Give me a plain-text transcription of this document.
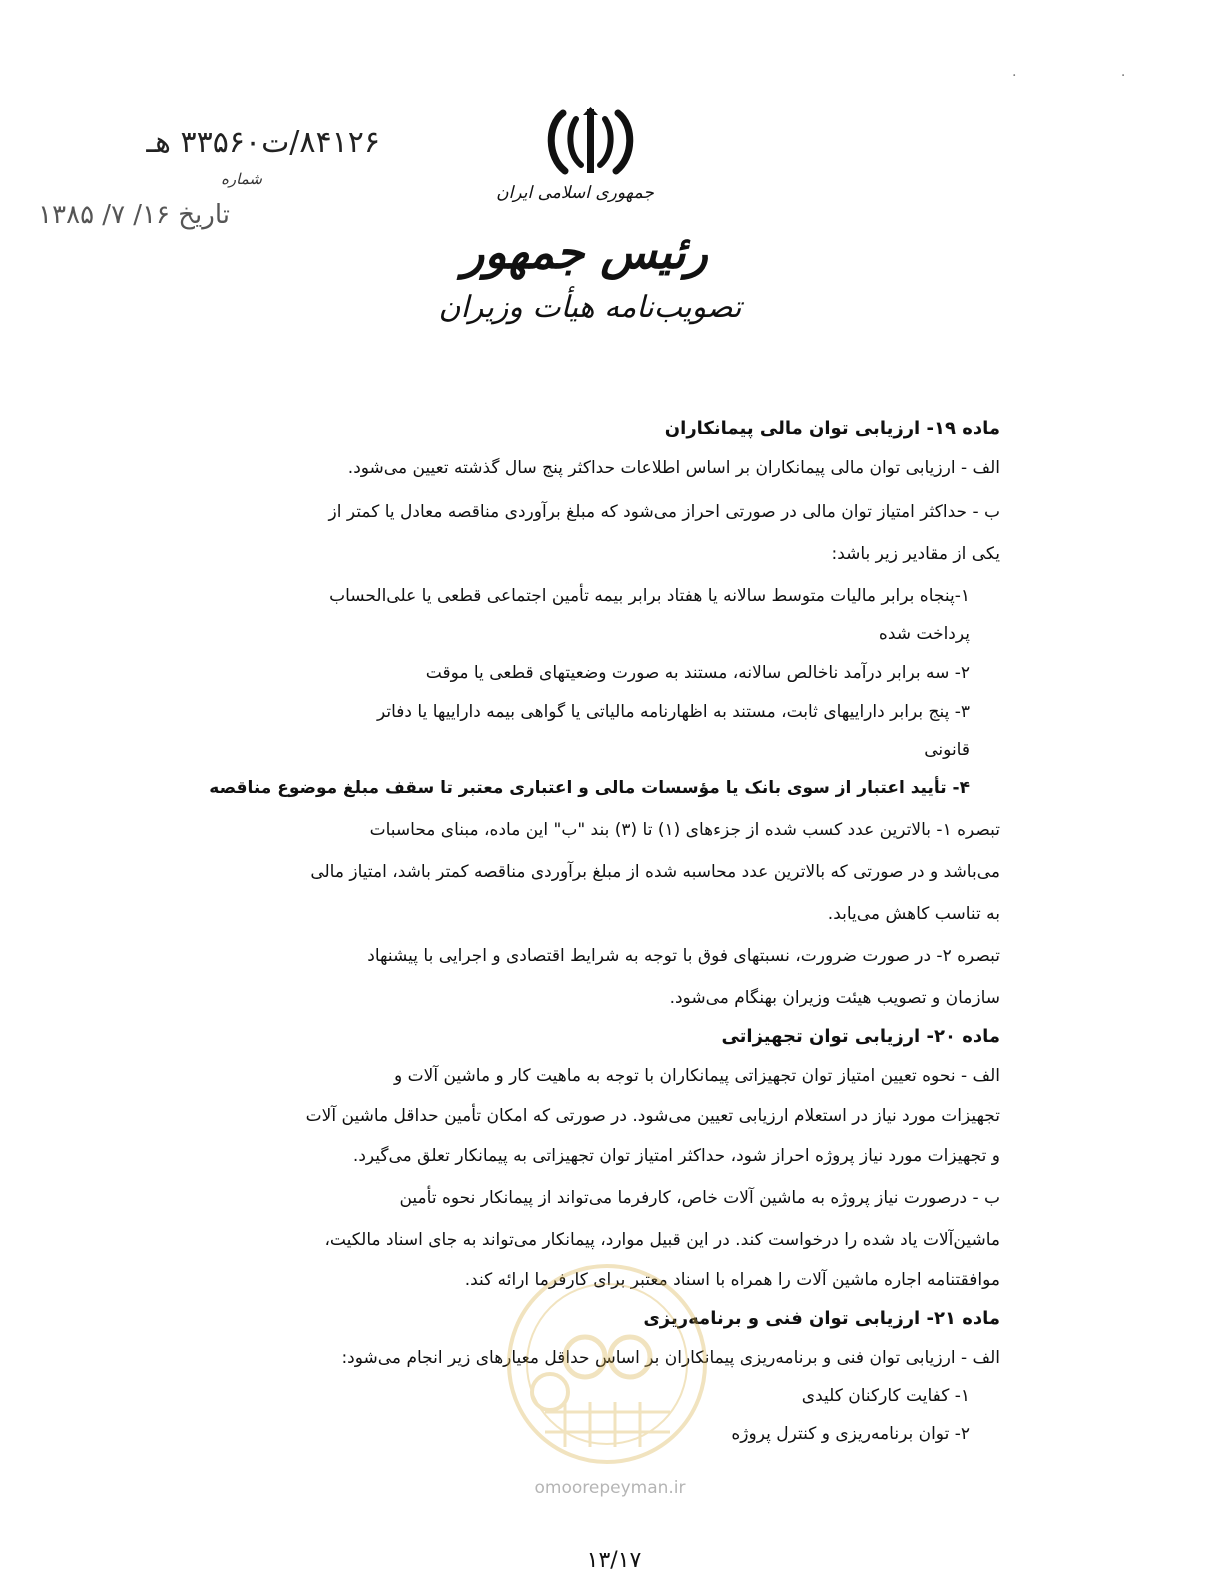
. .
۸۴۱۲۶/ت۳۳۵۶۰ هـ
شماره
تاریخ ۱۶/ ۷/ ۱۳۸۵
جمهوری اسلامی ایران
رئیس جمهور
تصویب‌نامه هیأت وزیران
ماده ۱۹- ارزیابی توان مالی پیمانکاران
الف - ارزیابی توان مالی پیمانکاران بر اساس اطلاعات حداکثر پنج سال گذشته تعیین می‌شود.
ب - حداکثر امتیاز توان مالی در صورتی احراز می‌شود که مبلغ برآوردی مناقصه معادل یا کمتر از
یکی از مقادیر زیر باشد:
۱-پنجاه برابر مالیات متوسط سالانه یا هفتاد برابر بیمه تأمین اجتماعی قطعی یا علی‌الحساب
پرداخت شده
۲- سه برابر درآمد ناخالص سالانه، مستند به صورت وضعیتهای قطعی یا موقت
۳- پنج برابر داراییهای ثابت، مستند به اظهارنامه مالیاتی یا گواهی بیمه داراییها یا دفاتر
قانونی
۴- تأیید اعتبار از سوی بانک یا مؤسسات مالی و اعتباری معتبر تا سقف مبلغ موضوع مناقصه
تبصره ۱- بالاترین عدد کسب شده از جزءهای (۱) تا (۳) بند "ب" این ماده، مبنای محاسبات
می‌باشد و در صورتی که بالاترین عدد محاسبه شده از مبلغ برآوردی مناقصه کمتر باشد، امتیاز مالی
به تناسب کاهش می‌یابد.
تبصره ۲- در صورت ضرورت، نسبتهای فوق با توجه به شرایط اقتصادی و اجرایی با پیشنهاد
سازمان و تصویب هیئت وزیران بهنگام می‌شود.
ماده ۲۰- ارزیابی توان تجهیزاتی
الف - نحوه تعیین امتیاز توان تجهیزاتی پیمانکاران با توجه به ماهیت کار و ماشین آلات و
تجهیزات مورد نیاز در استعلام ارزیابی تعیین می‌شود. در صورتی که امکان تأمین حداقل ماشین آلات
و تجهیزات مورد نیاز پروژه احراز شود، حداکثر امتیاز توان تجهیزاتی به پیمانکار تعلق می‌گیرد.
ب - درصورت نیاز پروژه به ماشین آلات خاص، کارفرما می‌تواند از پیمانکار نحوه تأمین
ماشین‌آلات یاد شده را درخواست کند. در این قبیل موارد، پیمانکار می‌تواند به جای اسناد مالکیت،
موافقتنامه اجاره ماشین آلات را همراه با اسناد معتبر برای کارفرما ارائه کند.
ماده ۲۱- ارزیابی توان فنی و برنامه‌ریزی
الف - ارزیابی توان فنی و برنامه‌ریزی پیمانکاران بر اساس حداقل معیارهای زیر انجام می‌شود:
۱- کفایت کارکنان کلیدی
۲- توان برنامه‌ریزی و کنترل پروژه
omoorepeyman.ir
۱۳/۱۷
